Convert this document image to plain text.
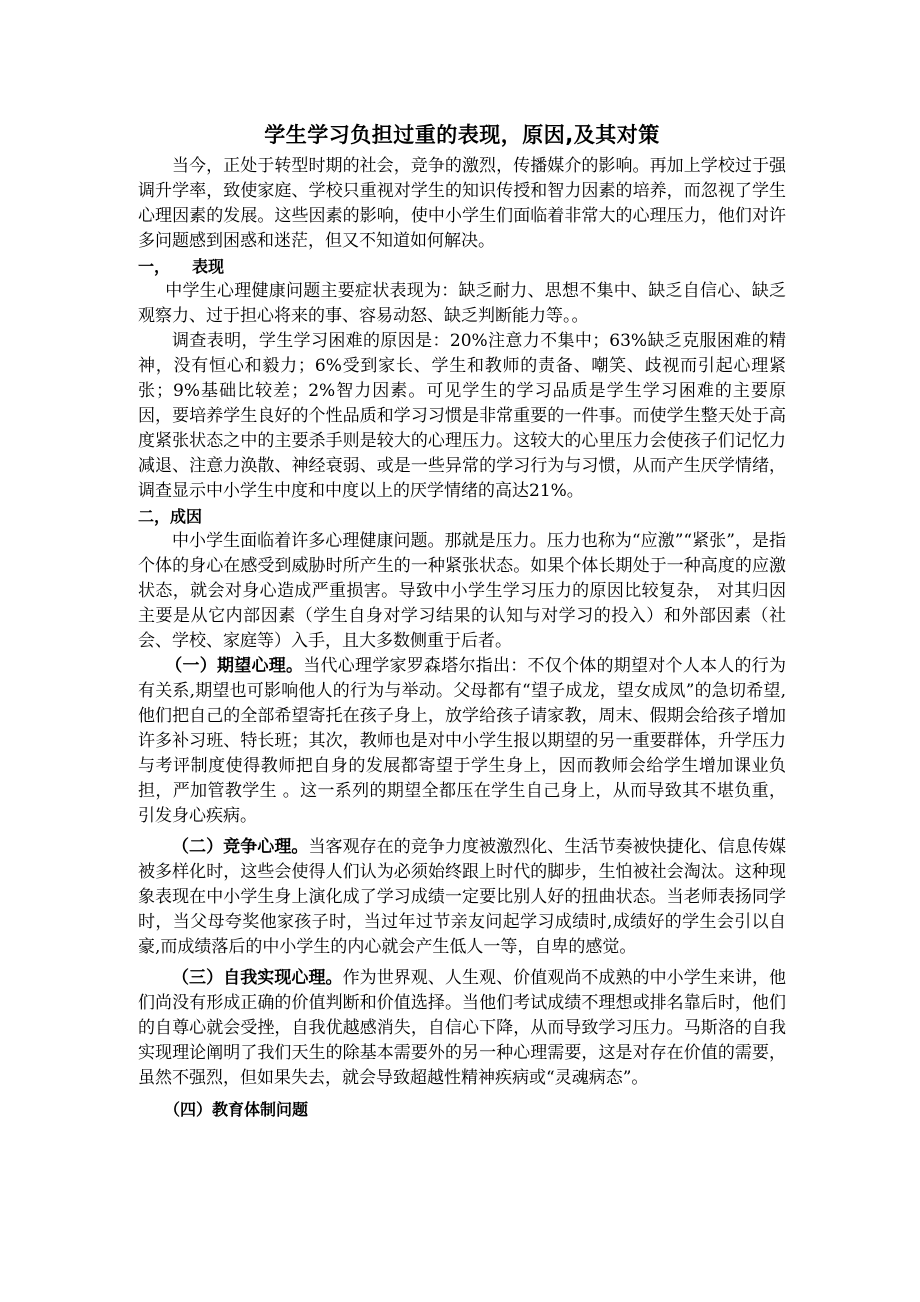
学生学习负担过重的表现，原因,及其对策

当今，正处于转型时期的社会，竞争的激烈，传播媒介的影响。再加上学校过于强调升学率，致使家庭、学校只重视对学生的知识传授和智力因素的培养，而忽视了学生心理因素的发展。这些因素的影响，使中小学生们面临着非常大的心理压力，他们对许多问题感到困惑和迷茫，但又不知道如何解决。

一， 表现

中学生心理健康问题主要症状表现为：缺乏耐力、思想不集中、缺乏自信心、缺乏观察力、过于担心将来的事、容易动怒、缺乏判断能力等。。

调查表明，学生学习困难的原因是：20%注意力不集中；63%缺乏克服困难的精神，没有恒心和毅力；6%受到家长、学生和教师的责备、嘲笑、歧视而引起心理紧张；9%基础比较差；2%智力因素。可见学生的学习品质是学生学习困难的主要原因，要培养学生良好的个性品质和学习习惯是非常重要的一件事。而使学生整天处于高度紧张状态之中的主要杀手则是较大的心理压力。这较大的心里压力会使孩子们记忆力减退、注意力涣散、神经衰弱、或是一些异常的学习行为与习惯，从而产生厌学情绪，调查显示中小学生中度和中度以上的厌学情绪的高达21%。

二，成因

中小学生面临着许多心理健康问题。那就是压力。压力也称为“应激”“紧张”，是指个体的身心在感受到威胁时所产生的一种紧张状态。如果个体长期处于一种高度的应激状态，就会对身心造成严重损害。导致中小学生学习压力的原因比较复杂， 对其归因主要是从它内部因素（学生自身对学习结果的认知与对学习的投入）和外部因素（社会、学校、家庭等）入手，且大多数侧重于后者。

（一）期望心理。当代心理学家罗森塔尔指出：不仅个体的期望对个人本人的行为有关系,期望也可影响他人的行为与举动。父母都有“望子成龙，望女成凤”的急切希望,他们把自己的全部希望寄托在孩子身上，放学给孩子请家教，周末、假期会给孩子增加许多补习班、特长班；其次，教师也是对中小学生报以期望的另一重要群体，升学压力与考评制度使得教师把自身的发展都寄望于学生身上，因而教师会给学生增加课业负担，严加管教学生 。这一系列的期望全都压在学生自己身上，从而导致其不堪负重，引发身心疾病。

（二）竞争心理。当客观存在的竞争力度被激烈化、生活节奏被快捷化、信息传媒被多样化时，这些会使得人们认为必须始终跟上时代的脚步，生怕被社会淘汰。这种现象表现在中小学生身上演化成了学习成绩一定要比别人好的扭曲状态。当老师表扬同学时，当父母夸奖他家孩子时，当过年过节亲友问起学习成绩时,成绩好的学生会引以自豪,而成绩落后的中小学生的内心就会产生低人一等，自卑的感觉。

（三）自我实现心理。作为世界观、人生观、价值观尚不成熟的中小学生来讲，他们尚没有形成正确的价值判断和价值选择。当他们考试成绩不理想或排名靠后时，他们的自尊心就会受挫，自我优越感消失，自信心下降，从而导致学习压力。马斯洛的自我实现理论阐明了我们天生的除基本需要外的另一种心理需要，这是对存在价值的需要，虽然不强烈，但如果失去，就会导致超越性精神疾病或“灵魂病态”。

（四）教育体制问题
